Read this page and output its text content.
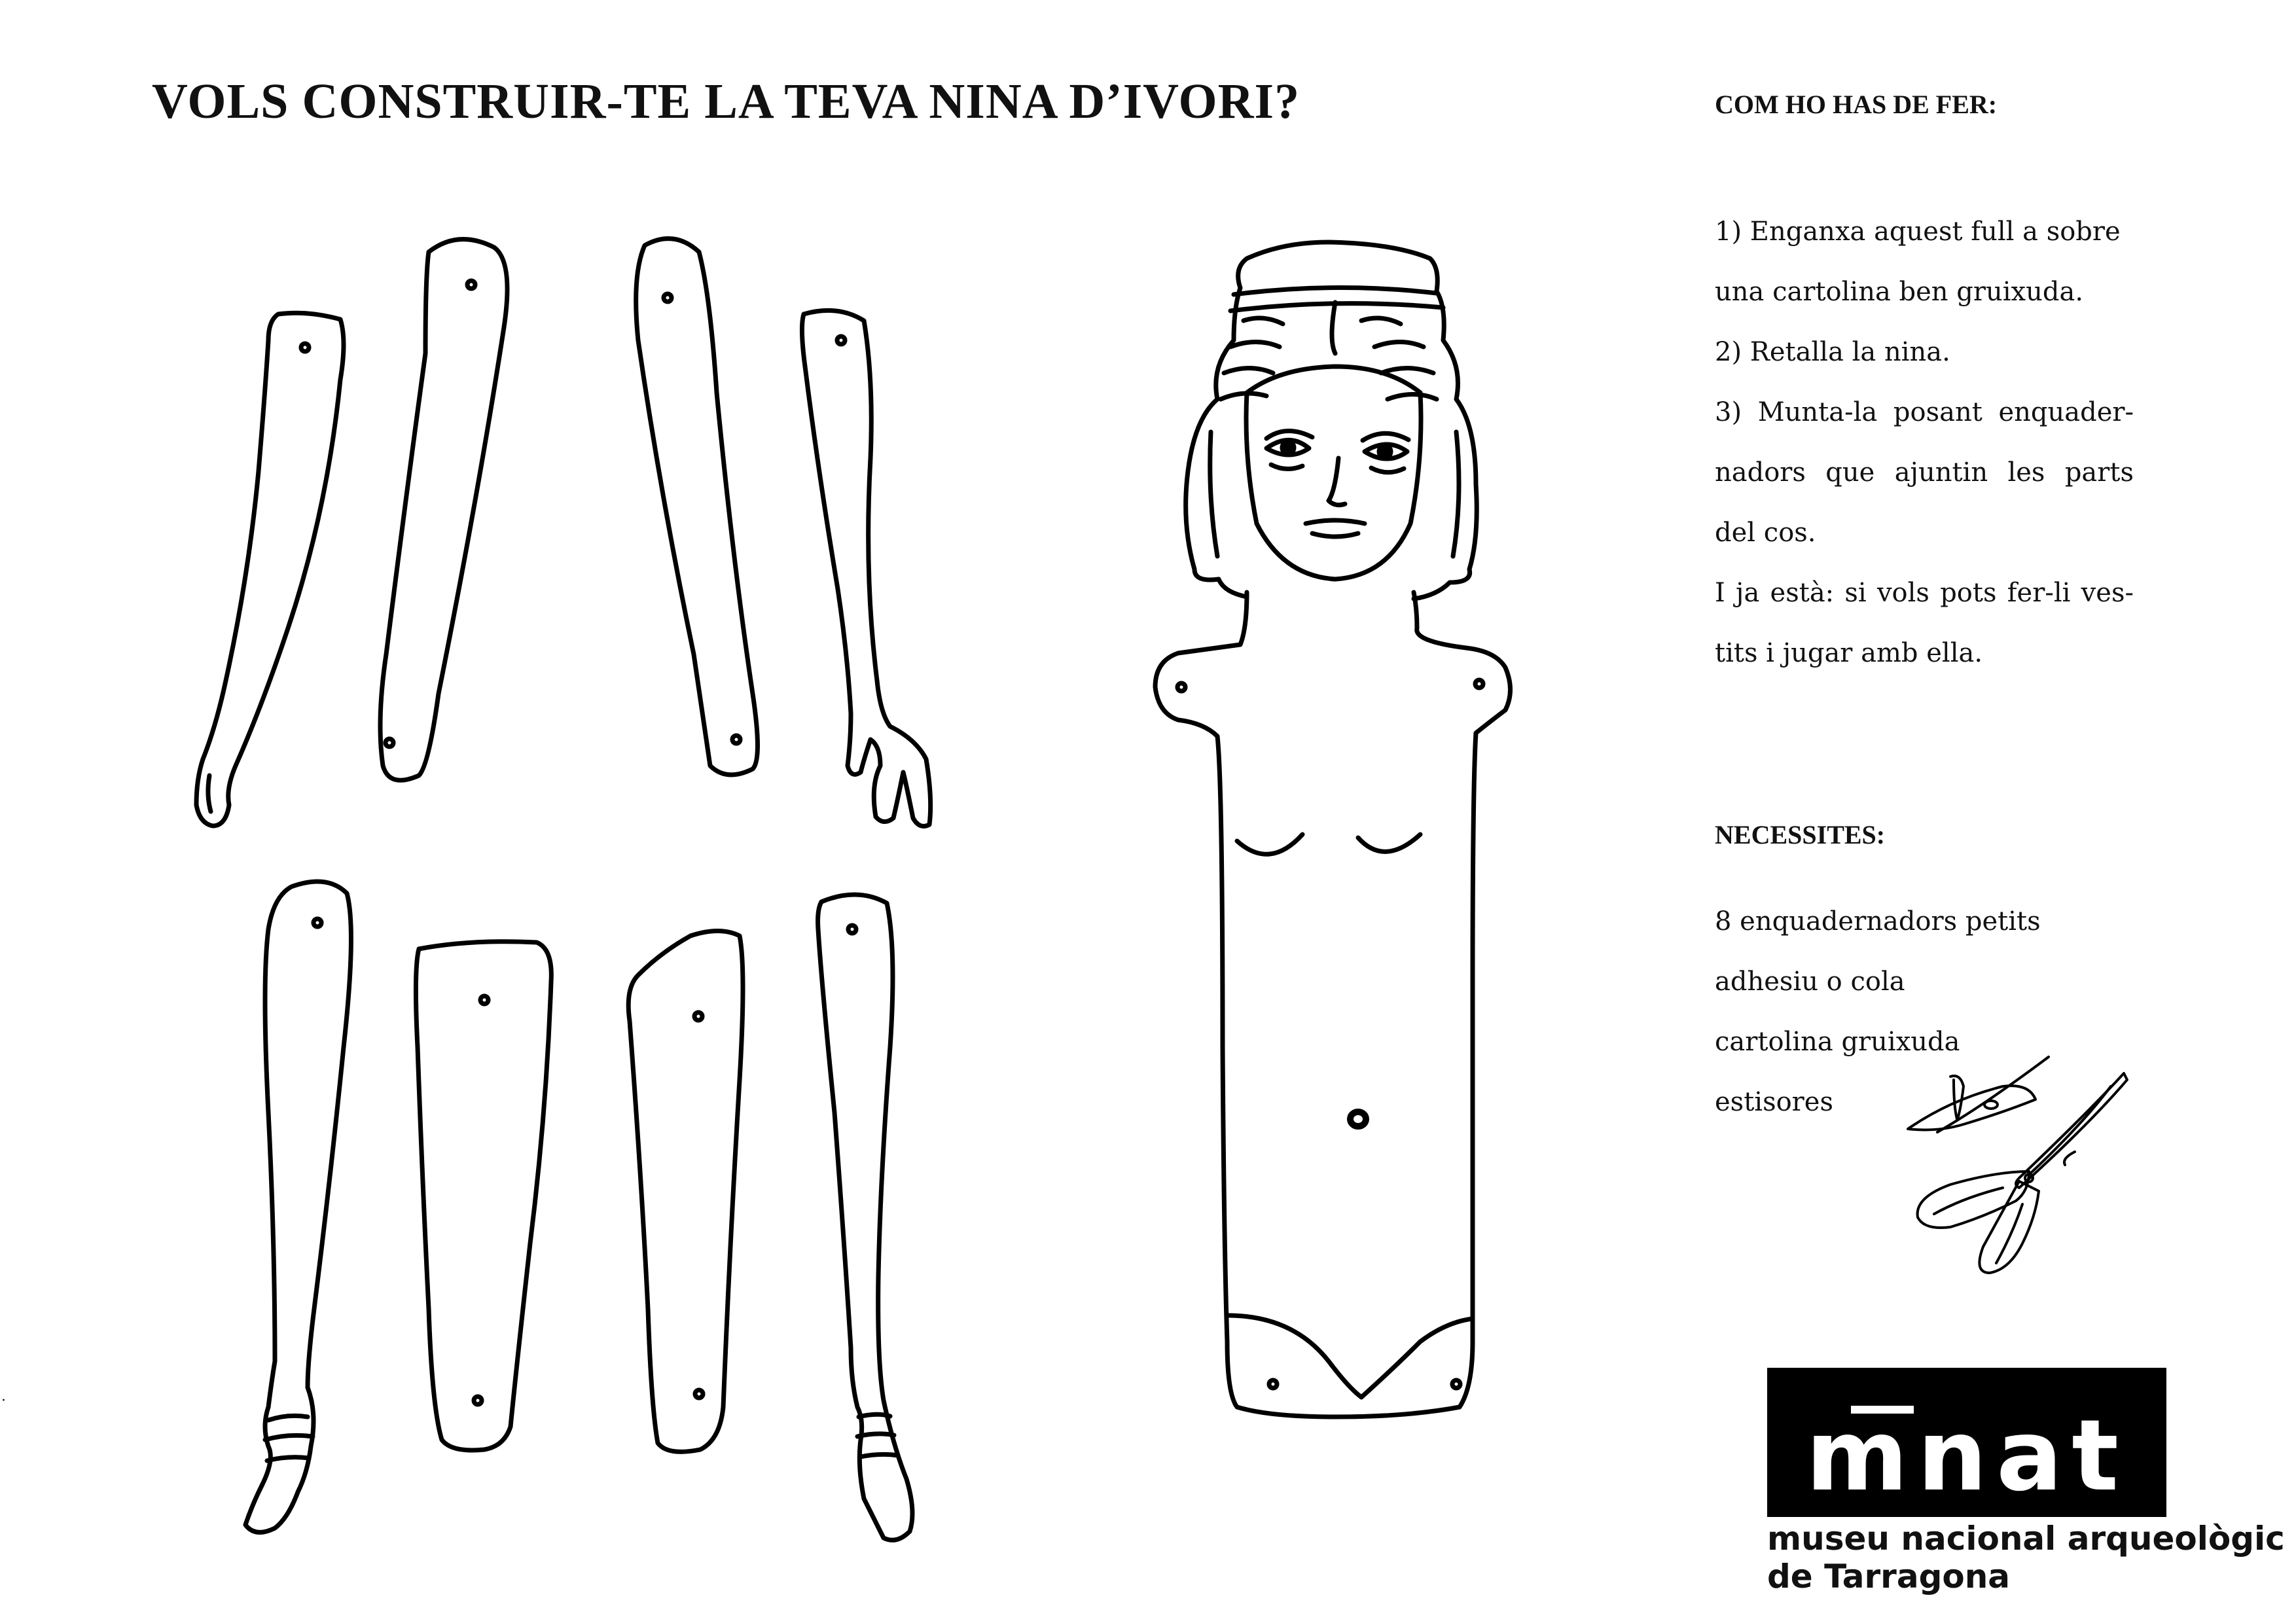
VOLS CONSTRUIR-TE LA TEVA NINA D’IVORI?	COM HO HAS DE FER:
1) Enganxa aquest full a sobre
una cartolina ben gruixuda.
2) Retalla la nina.
3) Munta-la posant enquader-
nadors que ajuntin les parts
del cos.
I ja està: si vols pots fer-li ves-
tits i jugar amb ella.
NECESSITES:
8 enquadernadors petits
adhesiu o cola
cartolina gruixuda
estisores
·	mnat
museu nacional arqueològic
de Tarragona
